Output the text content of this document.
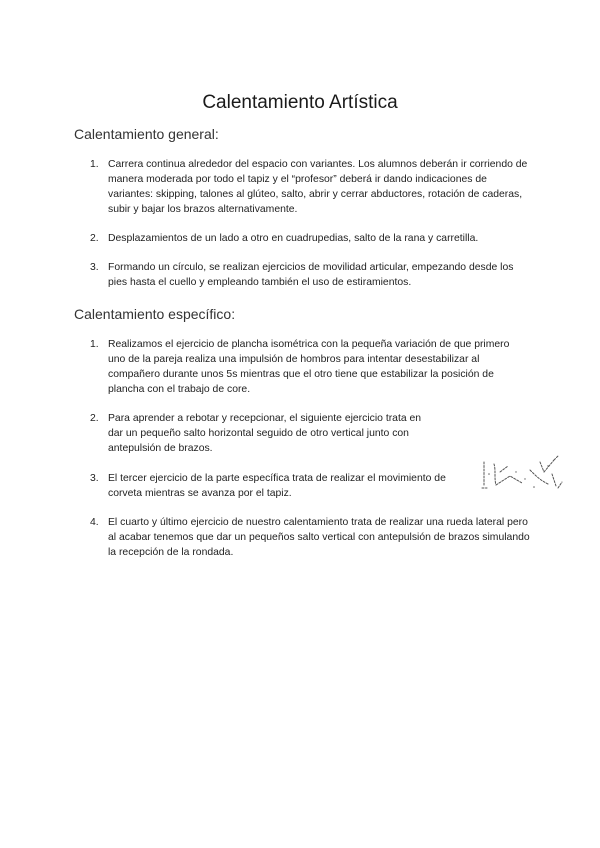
Calentamiento Artística
Calentamiento general:
1. Carrera continua alrededor del espacio con variantes. Los alumnos deberán ir corriendo de manera moderada por todo el tapiz y el “profesor” deberá ir dando indicaciones de variantes: skipping, talones al glúteo, salto, abrir y cerrar abductores, rotación de caderas, subir y bajar los brazos alternativamente.
2. Desplazamientos de un lado a otro en cuadrupedias, salto de la rana y carretilla.
3. Formando un círculo, se realizan ejercicios de movilidad articular, empezando desde los pies hasta el cuello y empleando también el uso de estiramientos.
Calentamiento específico:
1. Realizamos el ejercicio de plancha isométrica con la pequeña variación de que primero uno de la pareja realiza una impulsión de hombros para intentar desestabilizar al compañero durante unos 5s mientras que el otro tiene que estabilizar la posición de plancha con el trabajo de core.
2. Para aprender a rebotar y recepcionar, el siguiente ejercicio trata en dar un pequeño salto horizontal seguido de otro vertical junto con antepulsión de brazos.
3. El tercer ejercicio de la parte específica trata de realizar el movimiento de corveta mientras se avanza por el tapiz.
4. El cuarto y último ejercicio de nuestro calentamiento trata de realizar una rueda lateral pero al acabar tenemos que dar un pequeños salto vertical con antepulsión de brazos simulando la recepción de la rondada.
